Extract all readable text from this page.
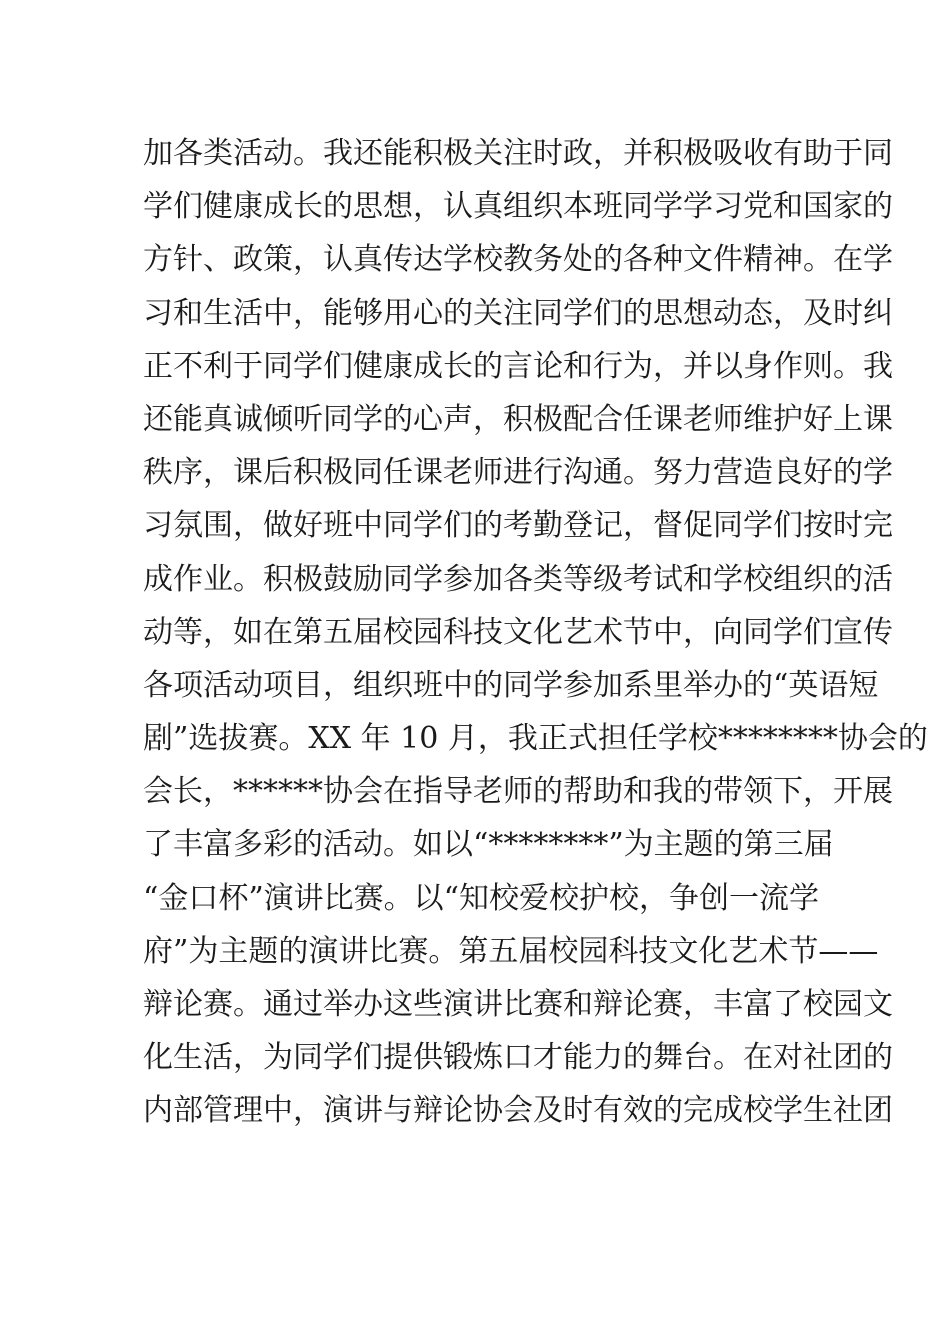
加各类活动。我还能积极关注时政，并积极吸收有助于同
学们健康成长的思想，认真组织本班同学学习党和国家的
方针、政策，认真传达学校教务处的各种文件精神。在学
习和生活中，能够用心的关注同学们的思想动态，及时纠
正不利于同学们健康成长的言论和行为，并以身作则。我
还能真诚倾听同学的心声，积极配合任课老师维护好上课
秩序，课后积极同任课老师进行沟通。努力营造良好的学
习氛围，做好班中同学们的考勤登记，督促同学们按时完
成作业。积极鼓励同学参加各类等级考试和学校组织的活
动等，如在第五届校园科技文化艺术节中，向同学们宣传
各项活动项目，组织班中的同学参加系里举办的“英语短
剧”选拔赛。XX 年 10 月，我正式担任学校********协会的
会长，******协会在指导老师的帮助和我的带领下，开展
了丰富多彩的活动。如以“********”为主题的第三届
“金口杯”演讲比赛。以“知校爱校护校，争创一流学
府”为主题的演讲比赛。第五届校园科技文化艺术节——
辩论赛。通过举办这些演讲比赛和辩论赛，丰富了校园文
化生活，为同学们提供锻炼口才能力的舞台。在对社团的
内部管理中，演讲与辩论协会及时有效的完成校学生社团
